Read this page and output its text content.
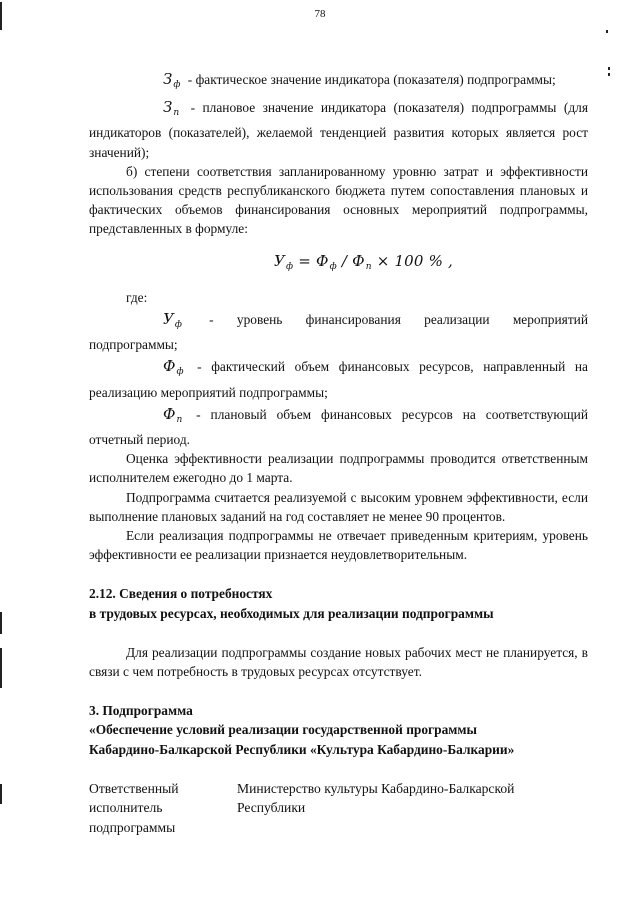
78

$З_ф$ - фактическое значение индикатора (показателя) подпрограммы;

$З_п$ - плановое значение индикатора (показателя) подпрограммы (для индикаторов (показателей), желаемой тенденцией развития которых является рост значений);

б) степени соответствия запланированному уровню затрат и эффективности использования средств республиканского бюджета путем сопоставления плановых и фактических объемов финансирования основных мероприятий подпрограммы, представленных в формуле:

$У_ф = Ф_ф / Ф_п \times 100$ % ,

где:

$У_ф$ - уровень финансирования реализации мероприятий

подпрограммы;

$Ф_ф$ - фактический объем финансовых ресурсов, направленный на реализацию мероприятий подпрограммы;

$Ф_п$ - плановый объем финансовых ресурсов на соответствующий отчетный период.

Оценка эффективности реализации подпрограммы проводится ответственным исполнителем ежегодно до 1 марта.

Подпрограмма считается реализуемой с высоким уровнем эффективности, если выполнение плановых заданий на год составляет не менее 90 процентов.

Если реализация подпрограммы не отвечает приведенным критериям, уровень эффективности ее реализации признается неудовлетворительным.

2.12. Сведения о потребностях

в трудовых ресурсах, необходимых для реализации подпрограммы

Для реализации подпрограммы создание новых рабочих мест не планируется, в связи с чем потребность в трудовых ресурсах отсутствует.

3. Подпрограмма

«Обеспечение условий реализации государственной программы

Кабардино-Балкарской Республики «Культура Кабардино-Балкарии»

Ответственный
исполнитель
подпрограммы
Министерство культуры Кабардино-Балкарской
Республики
